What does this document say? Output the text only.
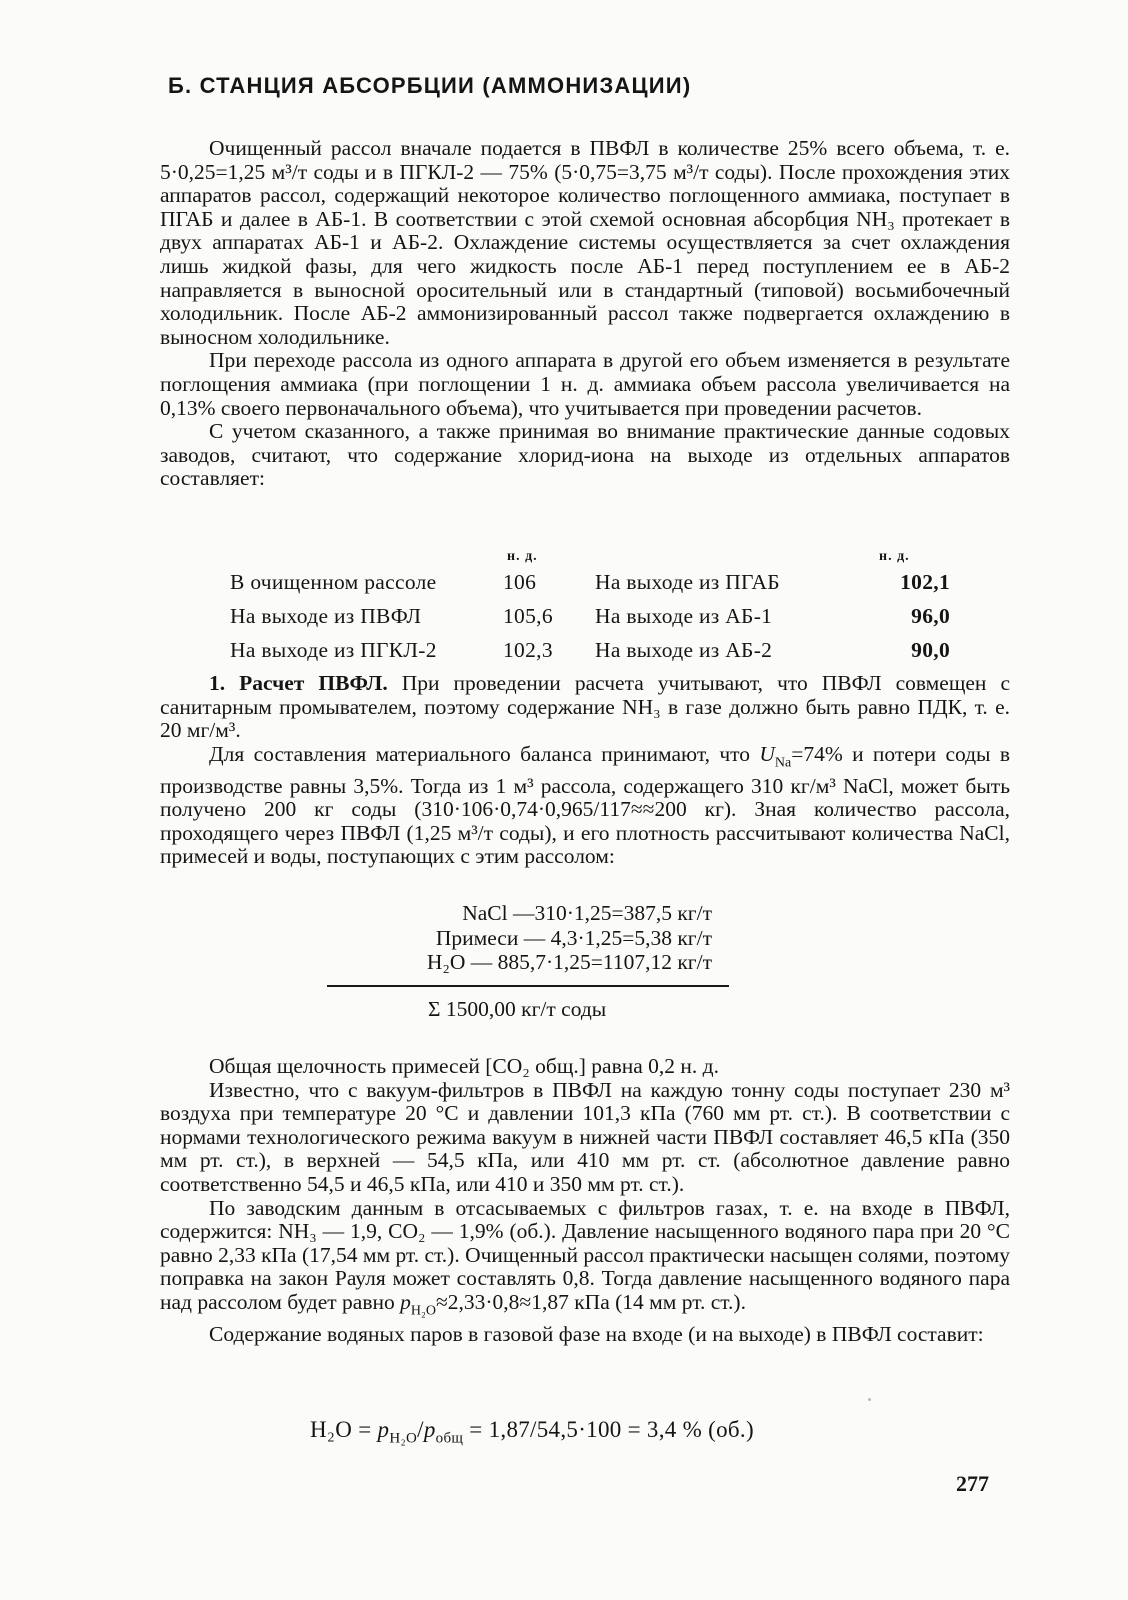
Б. СТАНЦИЯ АБСОРБЦИИ (АММОНИЗАЦИИ)

Очищенный рассол вначале подается в ПВФЛ в количестве 25% всего объема, т. е. 5·0,25=1,25 м³/т соды и в ПГКЛ-2 — 75% (5·0,75=3,75 м³/т соды). После прохождения этих аппаратов рассол, содержащий некоторое количество поглощенного аммиака, поступает в ПГАБ и далее в АБ-1. В соответствии с этой схемой основная абсорбция NH₃ протекает в двух аппаратах АБ-1 и АБ-2. Охлаждение системы осуществляется за счет охлаждения лишь жидкой фазы, для чего жидкость после АБ-1 перед поступлением ее в АБ-2 направляется в выносной оросительный или в стандартный (типовой) восьмибочечный холодильник. После АБ-2 аммонизированный рассол также подвергается охлаждению в выносном холодильнике.

При переходе рассола из одного аппарата в другой его объем изменяется в результате поглощения аммиака (при поглощении 1 н. д. аммиака объем рассола увеличивается на 0,13% своего первоначального объема), что учитывается при проведении расчетов.

С учетом сказанного, а также принимая во внимание практические данные содовых заводов, считают, что содержание хлорид-иона на выходе из отдельных аппаратов составляет:

н. д.	н. д.
В очищенном рассоле	106	На выходе из ПГАБ	102,1
На выходе из ПВФЛ	105,6	На выходе из АБ-1	96,0
На выходе из ПГКЛ-2	102,3	На выходе из АБ-2	90,0

1. Расчет ПВФЛ. При проведении расчета учитывают, что ПВФЛ совмещен с санитарным промывателем, поэтому содержание NH₃ в газе должно быть равно ПДК, т. е. 20 мг/м³.

Для составления материального баланса принимают, что $U_{Na}=74\%$ и потери соды в производстве равны 3,5%. Тогда из 1 м³ рассола, содержащего 310 кг/м³ NaCl, может быть получено 200 кг соды (310·106·0,74·0,965/117≈≈200 кг). Зная количество рассола, проходящего через ПВФЛ (1,25 м³/т соды), и его плотность рассчитывают количества NaCl, примесей и воды, поступающих с этим рассолом:

NaCl —310·1,25=387,5 кг/т
Примеси — 4,3·1,25=5,38 кг/т
H₂O — 885,7·1,25=1107,12 кг/т
Σ 1500,00 кг/т соды

Общая щелочность примесей [CO₂ общ.] равна 0,2 н. д.

Известно, что с вакуум-фильтров в ПВФЛ на каждую тонну соды поступает 230 м³ воздуха при температуре 20 °С и давлении 101,3 кПа (760 мм рт. ст.). В соответствии с нормами технологического режима вакуум в нижней части ПВФЛ составляет 46,5 кПа (350 мм рт. ст.), в верхней — 54,5 кПа, или 410 мм рт. ст. (абсолютное давление равно соответственно 54,5 и 46,5 кПа, или 410 и 350 мм рт. ст.).

По заводским данным в отсасываемых с фильтров газах, т. е. на входе в ПВФЛ, содержится: NH₃ — 1,9, CO₂ — 1,9% (об.). Давление насыщенного водяного пара при 20 °С равно 2,33 кПа (17,54 мм рт. ст.). Очищенный рассол практически насыщен солями, поэтому поправка на закон Рауля может составлять 0,8. Тогда давление насыщенного водяного пара над рассолом будет равно $p_{H_2O}\approx 2,33\cdot 0,8\approx 1,87$ кПа (14 мм рт. ст.).

Содержание водяных паров в газовой фазе на входе (и на выходе) в ПВФЛ составит:

$H_2O = p_{H_2O}/p_{общ} = 1,87/54,5\cdot 100 = 3,4$ % (об.)
277
